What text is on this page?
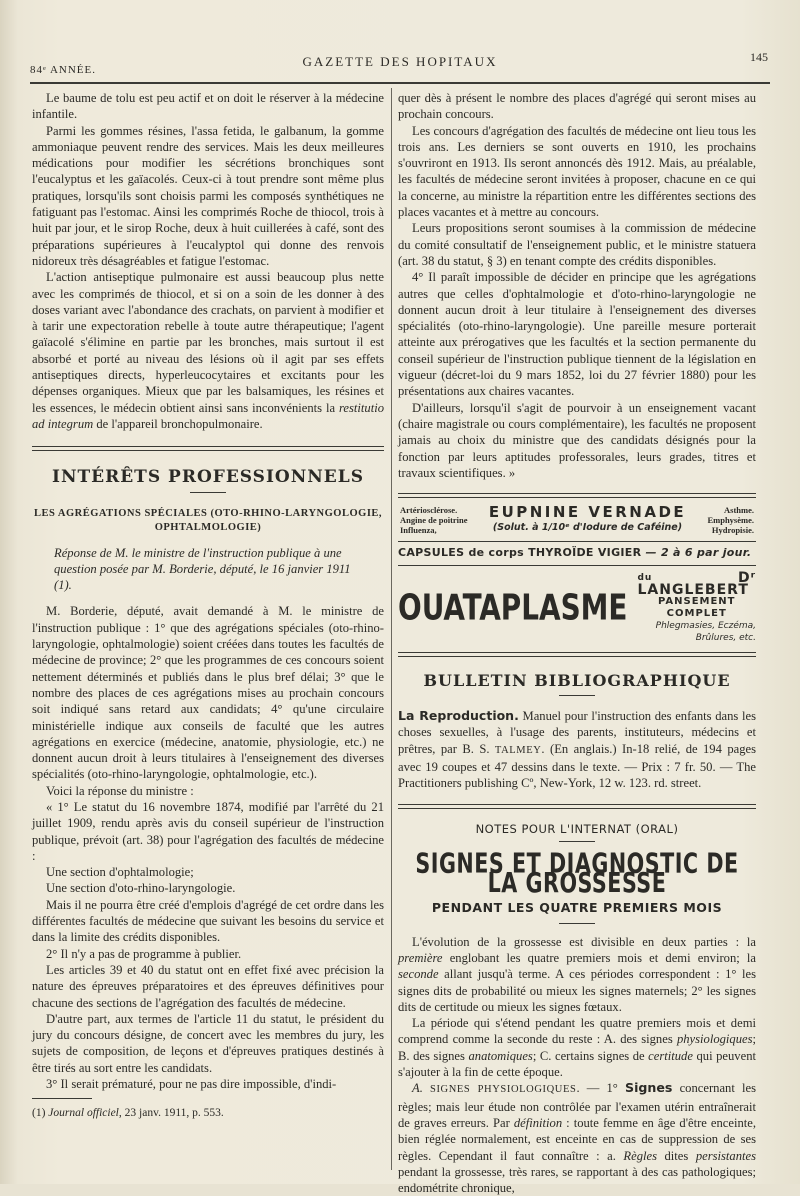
84ᵉ ANNÉE.
GAZETTE DES HOPITAUX	145

Le baume de tolu est peu actif et on doit le réserver à la médecine infantile.

Parmi les gommes résines, l'assa fetida, le galbanum, la gomme ammoniaque peuvent rendre des services. Mais les deux meilleures médications pour modifier les sécrétions bronchiques sont l'eucalyptus et les gaïacolés. Ceux-ci à tout prendre sont même plus pratiques, lorsqu'ils sont choisis parmi les composés synthétiques ne fatiguant pas l'estomac. Ainsi les comprimés Roche de thiocol, trois à huit par jour, et le sirop Roche, deux à huit cuillerées à café, sont des préparations supérieures à l'eucalyptol qui donne des renvois nidoreux très désagréables et fatigue l'estomac.

L'action antiseptique pulmonaire est aussi beaucoup plus nette avec les comprimés de thiocol, et si on a soin de les donner à des doses variant avec l'abondance des crachats, on parvient à modifier et à tarir une expectoration rebelle à toute autre thérapeutique; l'agent gaïacolé s'élimine en partie par les bronches, mais surtout il est absorbé et porté au niveau des lésions où il agit par ses effets antiseptiques directs, hyperleucocytaires et excitants pour les dépenses organiques. Mieux que par les balsamiques, les résines et les essences, le médecin obtient ainsi sans inconvénients la restitutio ad integrum de l'appareil bronchopulmonaire.

INTÉRÊTS PROFESSIONNELS
LES AGRÉGATIONS SPÉCIALES (OTO-RHINO-LARYNGOLOGIE, OPHTALMOLOGIE)

Réponse de M. le ministre de l'instruction publique à une question posée par M. Borderie, député, le 16 janvier 1911 (1).

M. Borderie, député, avait demandé à M. le ministre de l'instruction publique : 1° que des agrégations spéciales (oto-rhino-laryngologie, ophtalmologie) soient créées dans toutes les facultés de médecine de province; 2° que les programmes de ces concours soient nettement déterminés et publiés dans le plus bref délai; 3° que le nombre des places de ces agrégations mises au prochain concours soit indiqué sans retard aux candidats; 4° qu'une circulaire ministérielle indique aux conseils de faculté que les autres agrégations en exercice (médecine, anatomie, physiologie, etc.) ne donnent aucun droit à leurs titulaires à l'enseignement des diverses spécialités (oto-rhino-laryngologie, ophtalmologie, etc.).

Voici la réponse du ministre :

« 1° Le statut du 16 novembre 1874, modifié par l'arrêté du 21 juillet 1909, rendu après avis du conseil supérieur de l'instruction publique, prévoit (art. 38) pour l'agrégation des facultés de médecine :

Une section d'ophtalmologie;

Une section d'oto-rhino-laryngologie.

Mais il ne pourra être créé d'emplois d'agrégé de cet ordre dans les différentes facultés de médecine que suivant les besoins du service et dans la limite des crédits disponibles.

2° Il n'y a pas de programme à publier.

Les articles 39 et 40 du statut ont en effet fixé avec précision la nature des épreuves préparatoires et des épreuves définitives pour chacune des sections de l'agrégation des facultés de médecine.

D'autre part, aux termes de l'article 11 du statut, le président du jury du concours désigne, de concert avec les membres du jury, les sujets de composition, de leçons et d'épreuves pratiques destinés à être tirés au sort entre les candidats.

3° Il serait prématuré, pour ne pas dire impossible, d'indi-

(1) Journal officiel, 23 janv. 1911, p. 553.

quer dès à présent le nombre des places d'agrégé qui seront mises au prochain concours.

Les concours d'agrégation des facultés de médecine ont lieu tous les trois ans. Les derniers se sont ouverts en 1910, les prochains s'ouvriront en 1913. Ils seront annoncés dès 1912. Mais, au préalable, les facultés de médecine seront invitées à proposer, chacune en ce qui la concerne, au ministre la répartition entre les différentes sections des places vacantes et à mettre au concours.

Leurs propositions seront soumises à la commission de médecine du comité consultatif de l'enseignement public, et le ministre statuera (art. 38 du statut, § 3) en tenant compte des crédits disponibles.

4° Il paraît impossible de décider en principe que les agrégations autres que celles d'ophtalmologie et d'oto-rhino-laryngologie ne donnent aucun droit à leur titulaire à l'enseignement des diverses spécialités (oto-rhino-laryngologie). Une pareille mesure porterait atteinte aux prérogatives que les facultés et la section permanente du conseil supérieur de l'instruction publique tiennent de la législation en vigueur (décret-loi du 9 mars 1852, loi du 27 février 1880) pour les présentations aux chaires vacantes.

D'ailleurs, lorsqu'il s'agit de pourvoir à un enseignement vacant (chaire magistrale ou cours complémentaire), les facultés ne proposent jamais au choix du ministre que des candidats désignés pour la fonction par leurs aptitudes professorales, leurs grades, titres et travaux scientifiques. »

Artériosclérose.
Angine de poitrine
Influenza,
EUPNINE VERNADE
(Solut. à 1/10ᵉ d'Iodure de Caféine)
Asthme.
Emphysème.
Hydropisie.
CAPSULES de corps THYROÏDE VIGIER — 2 à 6 par jour.
OUATAPLASME
$^{du}$	Dʳ LANGLEBERT
PANSEMENT COMPLET
Phlegmasies, Eczéma, Brûlures, etc.
BULLETIN BIBLIOGRAPHIQUE

La Reproduction. Manuel pour l'instruction des enfants dans les choses sexuelles, à l'usage des parents, instituteurs, médecins et prêtres, par B. S. TALMEY. (En anglais.) In-18 relié, de 194 pages avec 19 coupes et 47 dessins dans le texte. — Prix : 7 fr. 50. — The Practitioners publishing Cº, New-York, 12 w. 123. rd. street.

NOTES POUR L'INTERNAT (ORAL)
SIGNES ET DIAGNOSTIC DE LA GROSSESSE
PENDANT LES QUATRE PREMIERS MOIS

L'évolution de la grossesse est divisible en deux parties : la première englobant les quatre premiers mois et demi environ; la seconde allant jusqu'à terme. A ces périodes correspondent : 1° les signes dits de probabilité ou mieux les signes maternels; 2° les signes dits de certitude ou mieux les signes fœtaux.

La période qui s'étend pendant les quatre premiers mois et demi comprend comme la seconde du reste : A. des signes physiologiques; B. des signes anatomiques; C. certains signes de certitude qui peuvent s'ajouter à la fin de cette époque.

A. SIGNES PHYSIOLOGIQUES. — 1° Signes concernant les règles; mais leur étude non contrôlée par l'examen utérin entraînerait de graves erreurs. Par définition : toute femme en âge d'être enceinte, bien réglée normalement, est enceinte en cas de suppression de ses règles. Cependant il faut connaître : a. Règles dites persistantes pendant la grossesse, très rares, se rapportant à des cas pathologiques; endométrite chronique,
